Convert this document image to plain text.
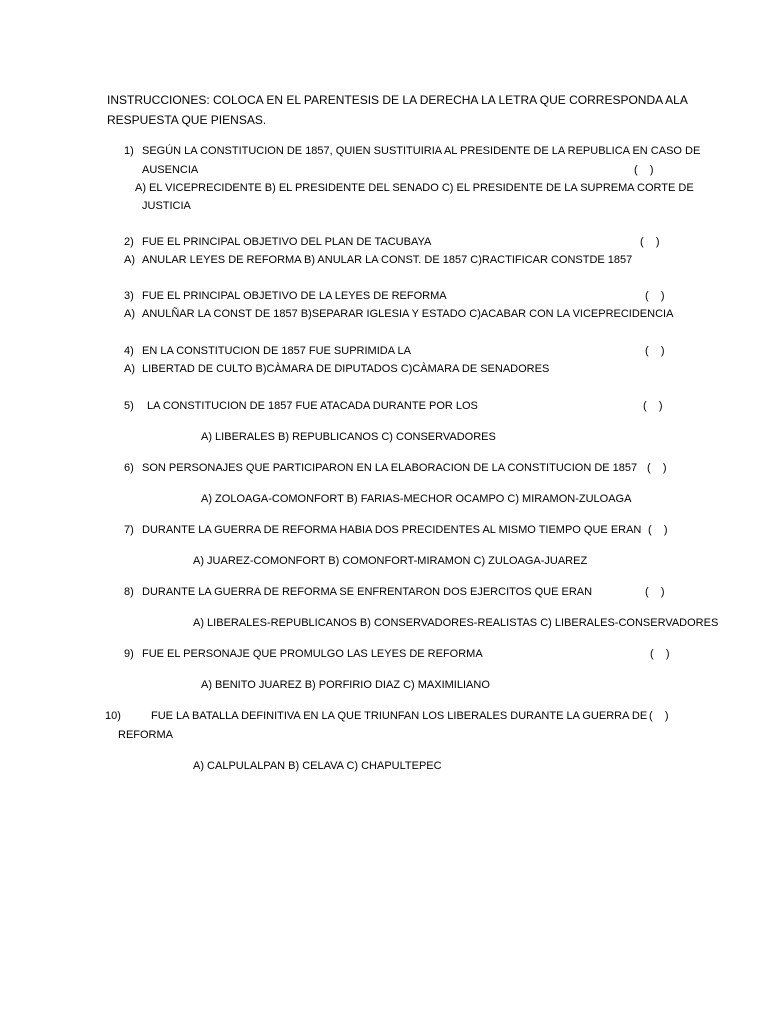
INSTRUCCIONES: COLOCA EN EL PARENTESIS DE LA DERECHA LA LETRA QUE CORRESPONDA ALA
RESPUESTA QUE PIENSAS.
1) SEGÚN LA CONSTITUCION DE 1857, QUIEN SUSTITUIRIA AL PRESIDENTE DE LA REPUBLICA EN CASO DE
AUSENCIA	(    )
A) EL VICEPRECIDENTE B) EL PRESIDENTE DEL SENADO C) EL PRESIDENTE DE LA SUPREMA CORTE DE
JUSTICIA
2) FUE EL PRINCIPAL OBJETIVO DEL PLAN DE TACUBAYA	(    )
A) ANULAR LEYES DE REFORMA B) ANULAR LA CONST. DE 1857 C)RACTIFICAR CONSTDE 1857
3) FUE EL PRINCIPAL OBJETIVO DE LA LEYES DE REFORMA	(    )
A) ANULÑAR LA CONST DE 1857 B)SEPARAR IGLESIA Y ESTADO C)ACABAR CON LA VICEPRECIDENCIA
4) EN LA CONSTITUCION DE 1857 FUE SUPRIMIDA LA	(    )
A) LIBERTAD DE CULTO B)CÀMARA DE DIPUTADOS C)CÀMARA DE SENADORES
5) LA CONSTITUCION DE 1857 FUE ATACADA DURANTE POR LOS	(    )
A) LIBERALES B) REPUBLICANOS C) CONSERVADORES
6) SON PERSONAJES QUE PARTICIPARON EN LA ELABORACION DE LA CONSTITUCION DE 1857 (    )
A) ZOLOAGA-COMONFORT B) FARIAS-MECHOR OCAMPO C) MIRAMON-ZULOAGA
7) DURANTE LA GUERRA DE REFORMA HABIA DOS PRECIDENTES AL MISMO TIEMPO QUE ERAN (    )
A) JUAREZ-COMONFORT B) COMONFORT-MIRAMON C) ZULOAGA-JUAREZ
8) DURANTE LA GUERRA DE REFORMA SE ENFRENTARON DOS EJERCITOS QUE ERAN	(    )
A) LIBERALES-REPUBLICANOS B) CONSERVADORES-REALISTAS C) LIBERALES-CONSERVADORES
9) FUE EL PERSONAJE QUE PROMULGO LAS LEYES DE REFORMA	(    )
A) BENITO JUAREZ B) PORFIRIO DIAZ C) MAXIMILIANO
10)	FUE LA BATALLA DEFINITIVA EN LA QUE TRIUNFAN LOS LIBERALES DURANTE LA GUERRA DE (    )
REFORMA
A) CALPULALPAN B) CELAVA C) CHAPULTEPEC
